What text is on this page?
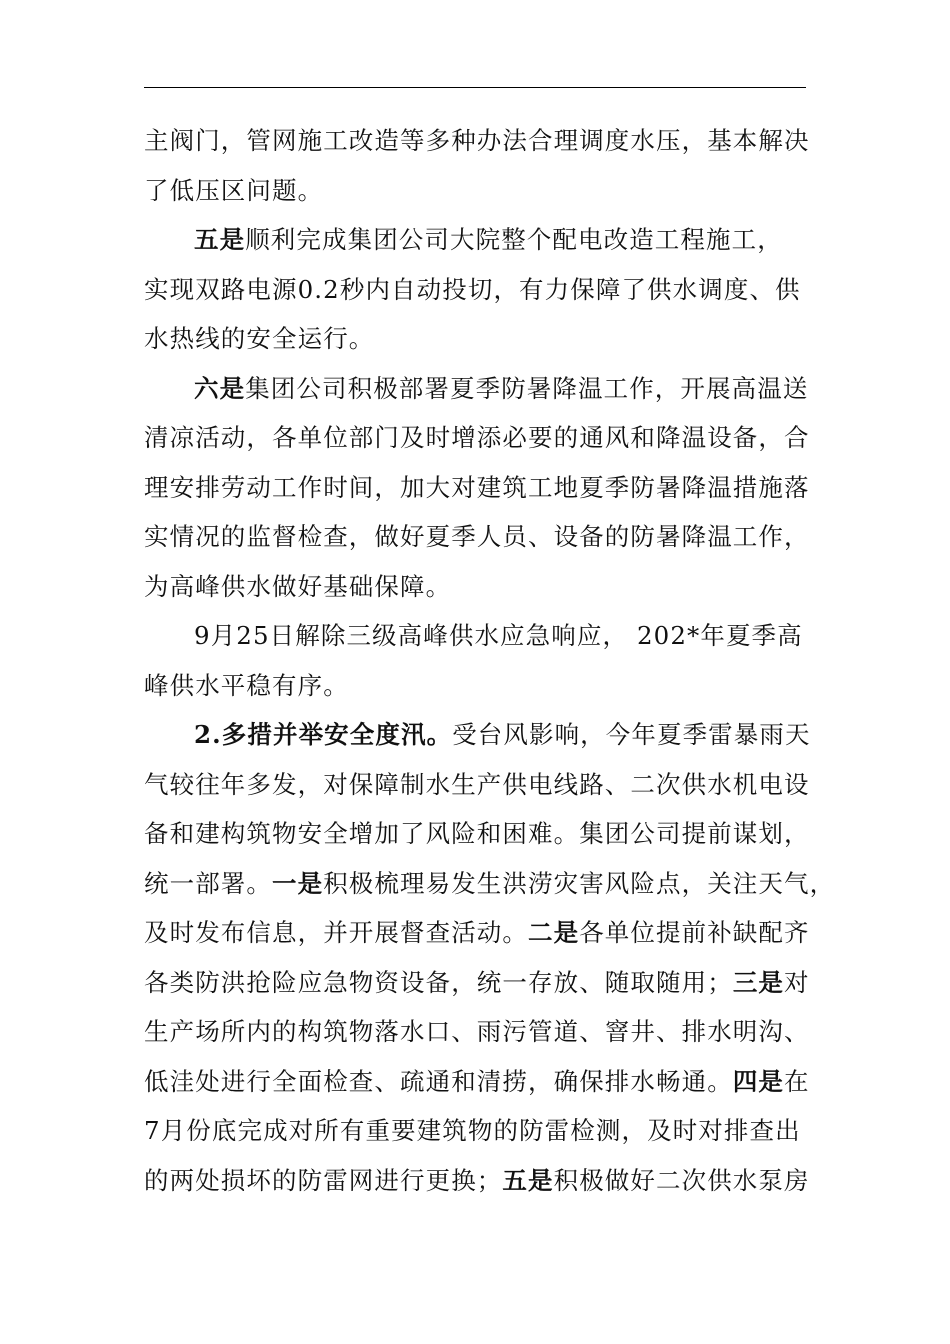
主阀门，管网施工改造等多种办法合理调度水压，基本解决
了低压区问题。
五是顺利完成集团公司大院整个配电改造工程施工，
实现双路电源0.2秒内自动投切，有力保障了供水调度、供
水热线的安全运行。
六是集团公司积极部署夏季防暑降温工作，开展高温送
清凉活动，各单位部门及时增添必要的通风和降温设备，合
理安排劳动工作时间，加大对建筑工地夏季防暑降温措施落
实情况的监督检查，做好夏季人员、设备的防暑降温工作，
为高峰供水做好基础保障。
9月25日解除三级高峰供水应急响应， 202*年夏季高
峰供水平稳有序。
2.多措并举安全度汛。受台风影响，今年夏季雷暴雨天
气较往年多发，对保障制水生产供电线路、二次供水机电设
备和建构筑物安全增加了风险和困难。集团公司提前谋划，
统一部署。一是积极梳理易发生洪涝灾害风险点，关注天气，
及时发布信息，并开展督查活动。二是各单位提前补缺配齐
各类防洪抢险应急物资设备，统一存放、随取随用；三是对
生产场所内的构筑物落水口、雨污管道、窨井、排水明沟、
低洼处进行全面检查、疏通和清捞，确保排水畅通。四是在
7月份底完成对所有重要建筑物的防雷检测，及时对排查出
的两处损坏的防雷网进行更换；五是积极做好二次供水泵房
